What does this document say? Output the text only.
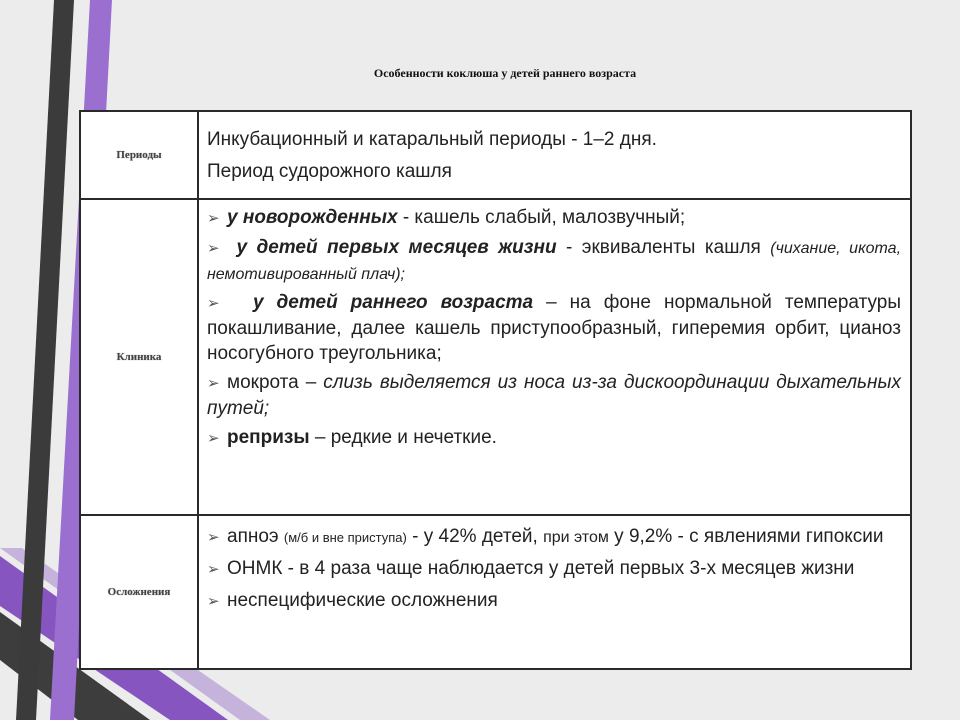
Особенности коклюша у детей раннего возраста
Периоды	Инкубационный и катаральный периоды - 1–2 дня.
Период судорожного кашля

Клиника	➢ у новорожденных - кашель слабый, малозвучный;
➢ у детей первых месяцев жизни - эквиваленты кашля (чихание, икота, немотивированный плач);
➢ у детей раннего возраста – на фоне нормальной температуры покашливание, далее кашель приступообразный, гиперемия орбит, цианоз носогубного треугольника;
➢ мокрота – слизь выделяется из носа из-за дискоординации дыхательных путей;
➢ репризы – редкие и нечеткие.

Осложнения	➢ апноэ (м/б и вне приступа) - у 42% детей, при этом у 9,2% - с явлениями гипоксии
➢ ОНМК - в 4 раза чаще наблюдается у детей первых 3-х месяцев жизни
➢ неспецифические осложнения
